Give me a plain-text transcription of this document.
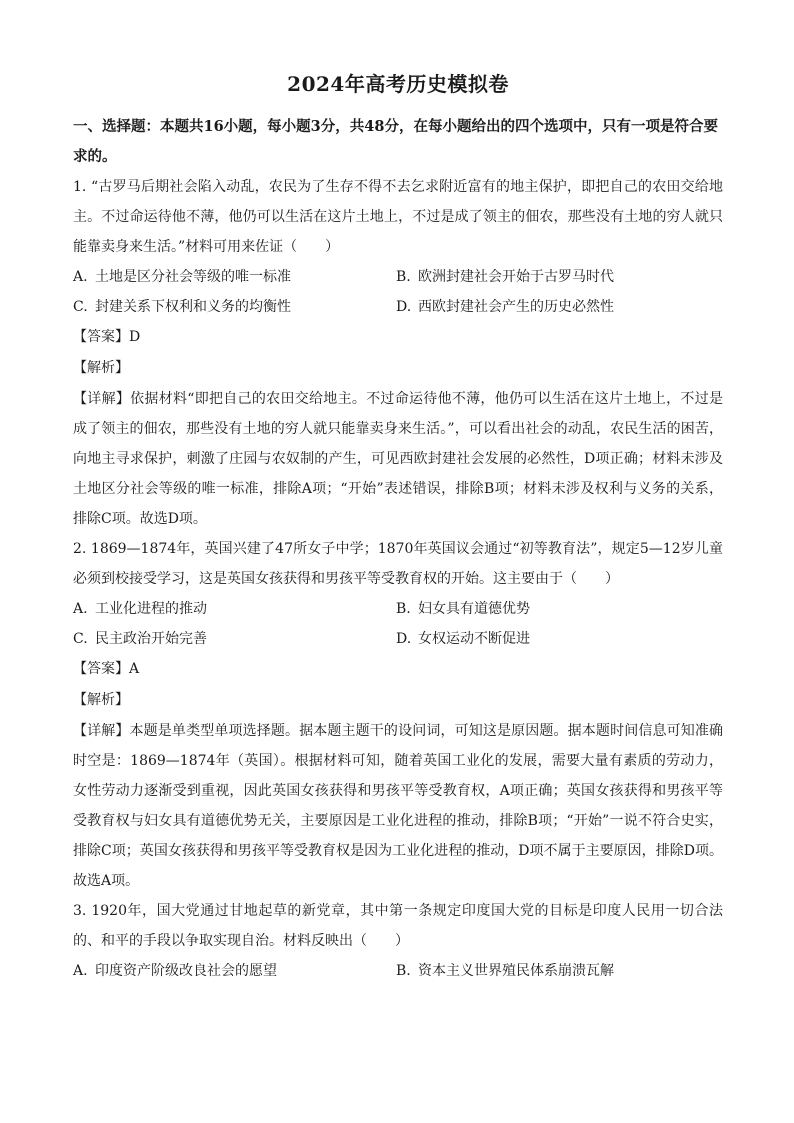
2024年高考历史模拟卷
一、选择题：本题共16小题，每小题3分，共48分，在每小题给出的四个选项中，只有一项是符合要求的。

1. “古罗马后期社会陷入动乱，农民为了生存不得不去乞求附近富有的地主保护，即把自己的农田交给地主。不过命运待他不薄，他仍可以生活在这片土地上，不过是成了领主的佃农，那些没有土地的穷人就只能靠卖身来生活。”材料可用来佐证（　　）

A. 土地是区分社会等级的唯一标准	B. 欧洲封建社会开始于古罗马时代
C. 封建关系下权利和义务的均衡性	D. 西欧封建社会产生的历史必然性

【答案】D

【解析】

【详解】依据材料“即把自己的农田交给地主。不过命运待他不薄，他仍可以生活在这片土地上，不过是成了领主的佃农，那些没有土地的穷人就只能靠卖身来生活。”，可以看出社会的动乱，农民生活的困苦，向地主寻求保护，刺激了庄园与农奴制的产生，可见西欧封建社会发展的必然性，D项正确；材料未涉及土地区分社会等级的唯一标准，排除A项；“开始”表述错误，排除B项；材料未涉及权利与义务的关系，排除C项。故选D项。

2. 1869—1874年，英国兴建了47所女子中学；1870年英国议会通过“初等教育法”，规定5—12岁儿童必须到校接受学习，这是英国女孩获得和男孩平等受教育权的开始。这主要由于（　　）

A. 工业化进程的推动	B. 妇女具有道德优势
C. 民主政治开始完善	D. 女权运动不断促进

【答案】A

【解析】

【详解】本题是单类型单项选择题。据本题主题干的设问词，可知这是原因题。据本题时间信息可知准确时空是：1869—1874年（英国）。根据材料可知，随着英国工业化的发展，需要大量有素质的劳动力，女性劳动力逐渐受到重视，因此英国女孩获得和男孩平等受教育权，A项正确；英国女孩获得和男孩平等受教育权与妇女具有道德优势无关，主要原因是工业化进程的推动，排除B项；“开始”一说不符合史实，排除C项；英国女孩获得和男孩平等受教育权是因为工业化进程的推动，D项不属于主要原因，排除D项。故选A项。

3. 1920年，国大党通过甘地起草的新党章，其中第一条规定印度国大党的目标是印度人民用一切合法的、和平的手段以争取实现自治。材料反映出（　　）

A. 印度资产阶级改良社会的愿望	B. 资本主义世界殖民体系崩溃瓦解
